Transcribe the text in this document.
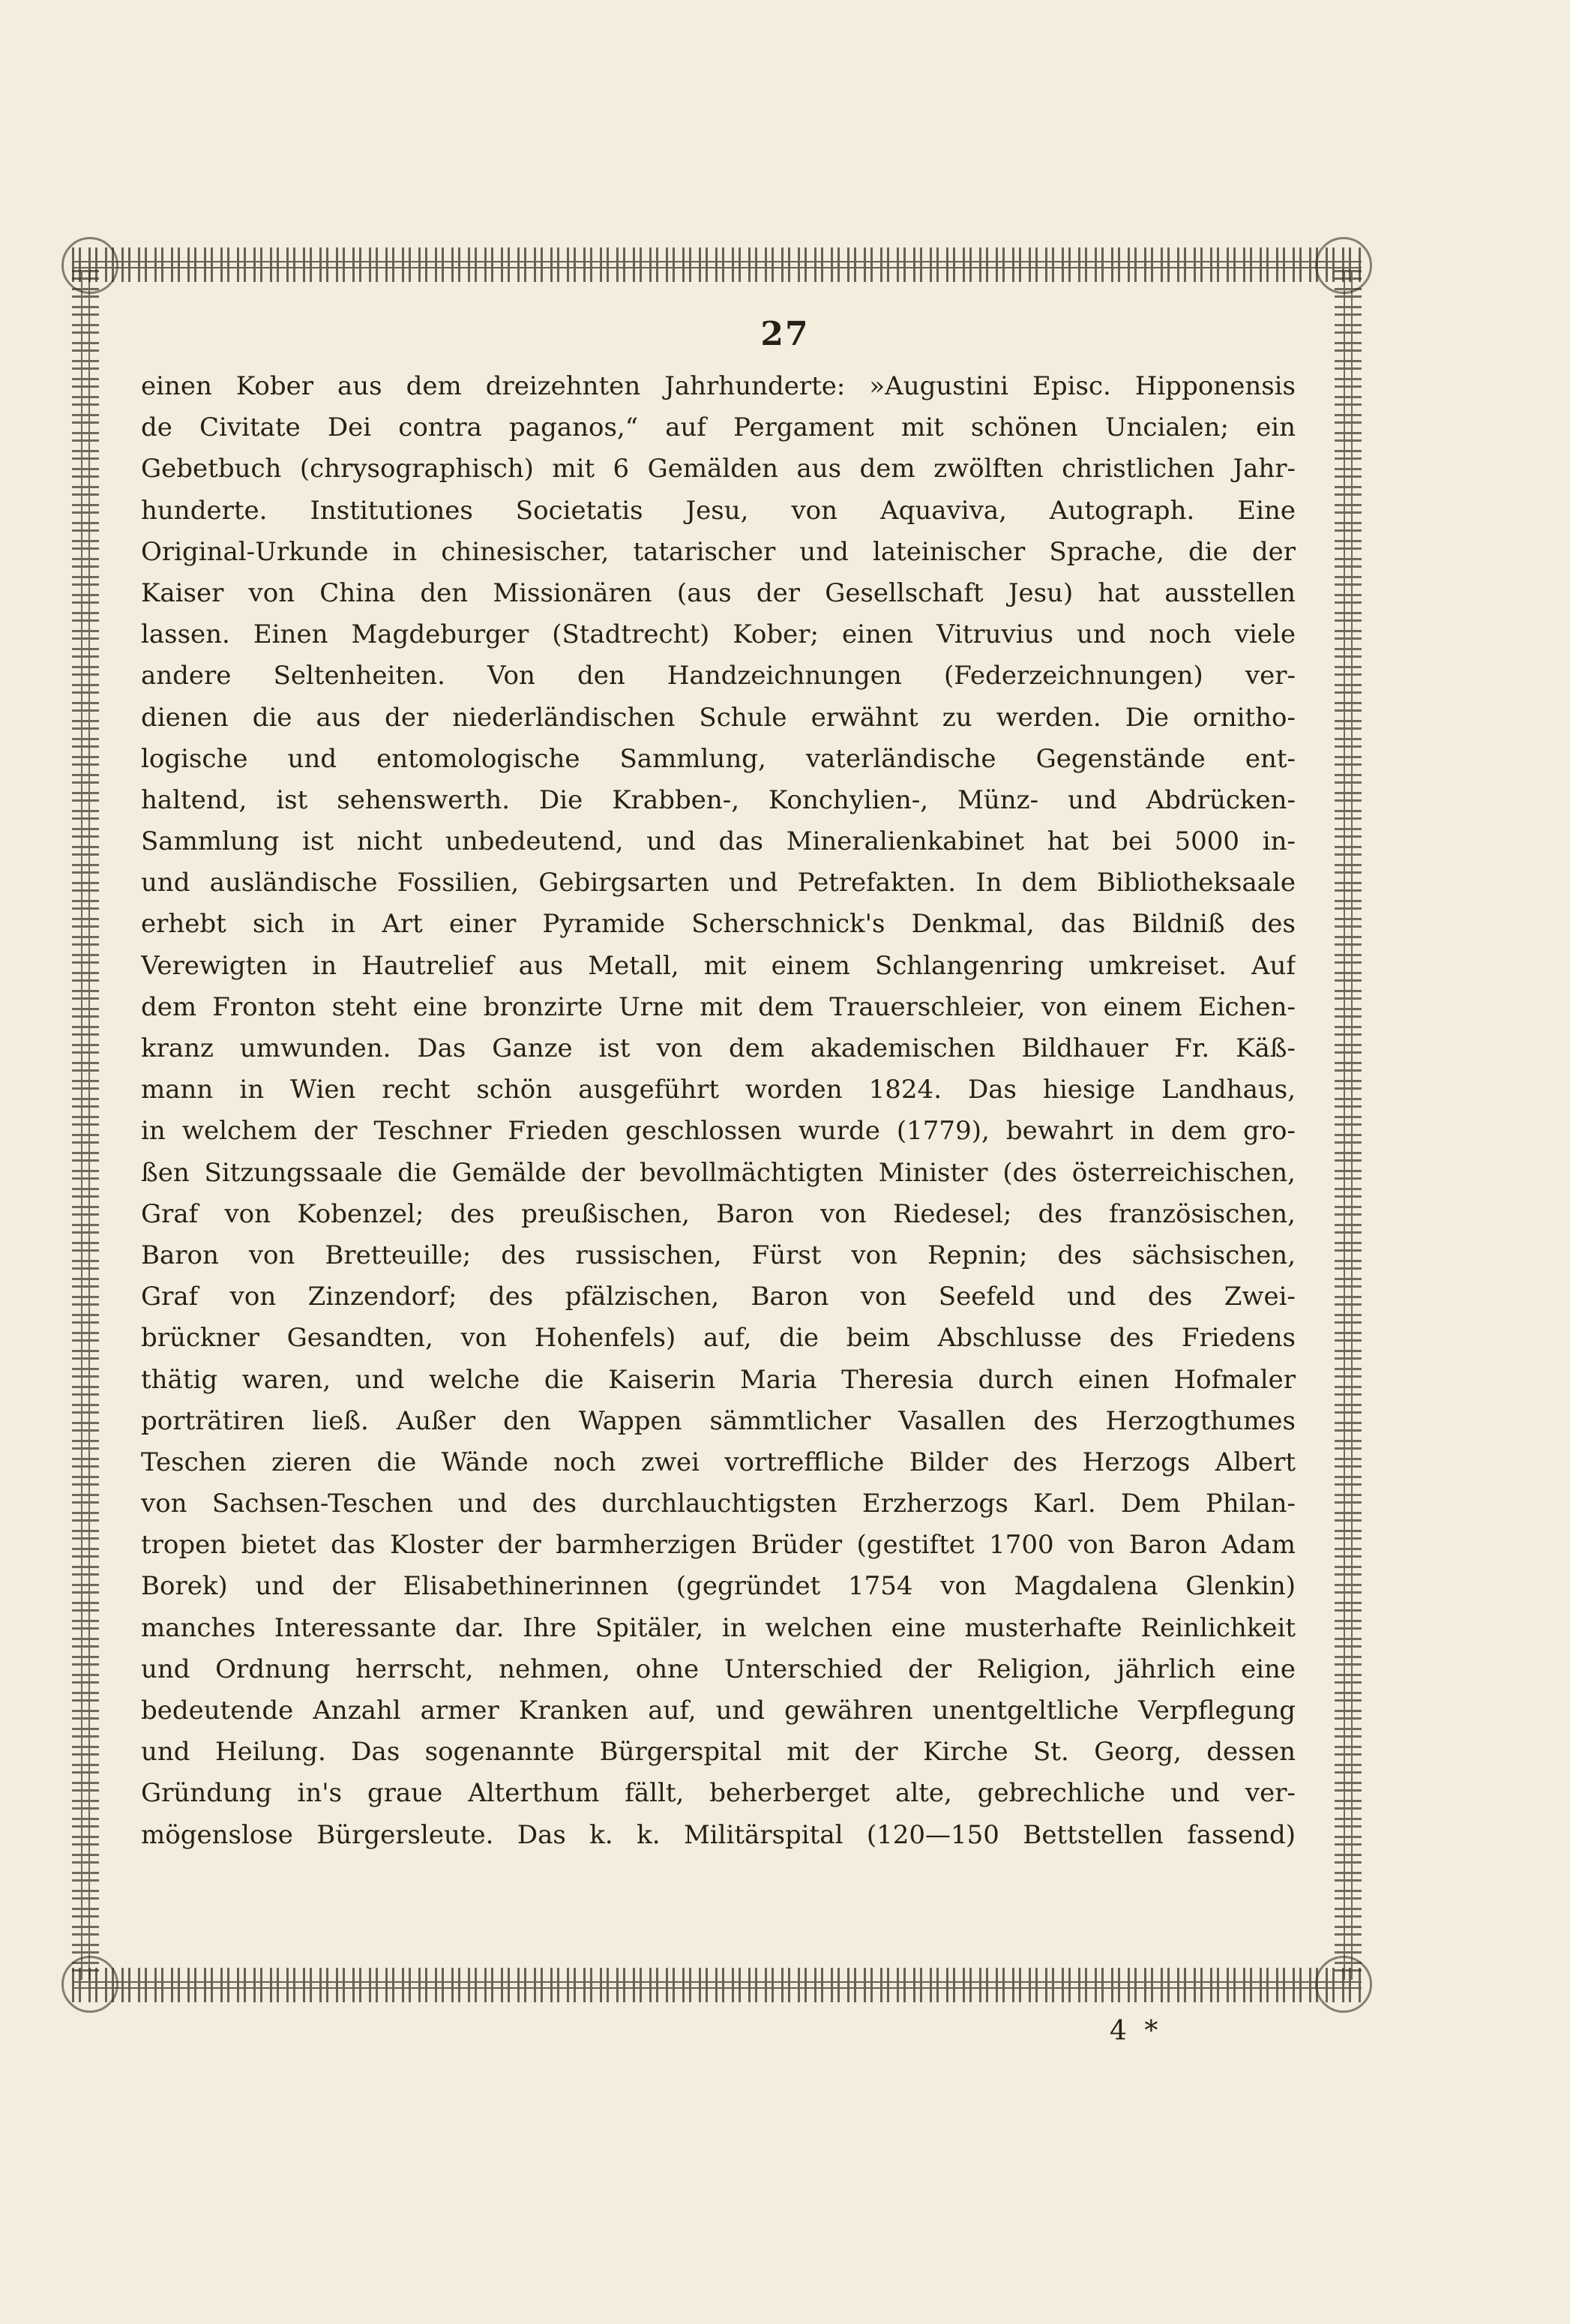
27
einen Kober aus dem dreizehnten Jahrhunderte: »Augustini Episc. Hipponensis
de Civitate Dei contra paganos,“ auf Pergament mit schönen Uncialen; ein
Gebetbuch (chrysographisch) mit 6 Gemälden aus dem zwölften christlichen Jahr-
hunderte. Institutiones Societatis Jesu, von Aquaviva, Autograph. Eine
Original-Urkunde in chinesischer, tatarischer und lateinischer Sprache, die der
Kaiser von China den Missionären (aus der Gesellschaft Jesu) hat ausstellen
lassen. Einen Magdeburger (Stadtrecht) Kober; einen Vitruvius und noch viele
andere Seltenheiten. Von den Handzeichnungen (Federzeichnungen) ver-
dienen die aus der niederländischen Schule erwähnt zu werden. Die ornitho-
logische und entomologische Sammlung, vaterländische Gegenstände ent-
haltend, ist sehenswerth. Die Krabben-, Konchylien-, Münz- und Abdrücken-
Sammlung ist nicht unbedeutend, und das Mineralienkabinet hat bei 5000 in-
und ausländische Fossilien, Gebirgsarten und Petrefakten. In dem Bibliotheksaale
erhebt sich in Art einer Pyramide Scherschnick's Denkmal, das Bildniß des
Verewigten in Hautrelief aus Metall, mit einem Schlangenring umkreiset. Auf
dem Fronton steht eine bronzirte Urne mit dem Trauerschleier, von einem Eichen-
kranz umwunden. Das Ganze ist von dem akademischen Bildhauer Fr. Käß-
mann in Wien recht schön ausgeführt worden 1824. Das hiesige Landhaus,
in welchem der Teschner Frieden geschlossen wurde (1779), bewahrt in dem gro-
ßen Sitzungssaale die Gemälde der bevollmächtigten Minister (des österreichischen,
Graf von Kobenzel; des preußischen, Baron von Riedesel; des französischen,
Baron von Bretteuille; des russischen, Fürst von Repnin; des sächsischen,
Graf von Zinzendorf; des pfälzischen, Baron von Seefeld und des Zwei-
brückner Gesandten, von Hohenfels) auf, die beim Abschlusse des Friedens
thätig waren, und welche die Kaiserin Maria Theresia durch einen Hofmaler
porträtiren ließ. Außer den Wappen sämmtlicher Vasallen des Herzogthumes
Teschen zieren die Wände noch zwei vortreffliche Bilder des Herzogs Albert
von Sachsen-Teschen und des durchlauchtigsten Erzherzogs Karl. Dem Philan-
tropen bietet das Kloster der barmherzigen Brüder (gestiftet 1700 von Baron Adam
Borek) und der Elisabethinerinnen (gegründet 1754 von Magdalena Glenkin)
manches Interessante dar. Ihre Spitäler, in welchen eine musterhafte Reinlichkeit
und Ordnung herrscht, nehmen, ohne Unterschied der Religion, jährlich eine
bedeutende Anzahl armer Kranken auf, und gewähren unentgeltliche Verpflegung
und Heilung. Das sogenannte Bürgerspital mit der Kirche St. Georg, dessen
Gründung in's graue Alterthum fällt, beherberget alte, gebrechliche und ver-
mögenslose Bürgersleute. Das k. k. Militärspital (120—150 Bettstellen fassend)
4 *
